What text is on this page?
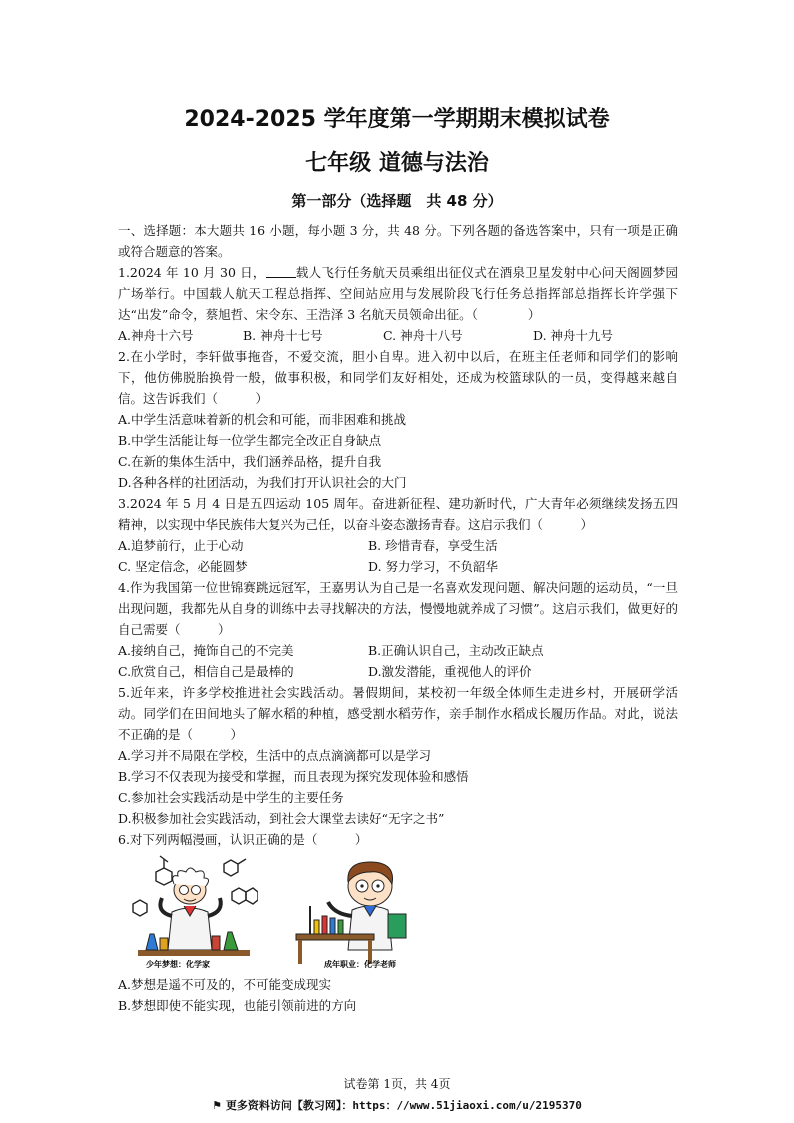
2024-2025 学年度第一学期期末模拟试卷
七年级 道德与法治
第一部分（选择题　共 48 分）

一、选择题：本大题共 16 小题，每小题 3 分，共 48 分。下列各题的备选答案中，只有一项是正确或符合题意的答案。

1.2024 年 10 月 30 日， 载人飞行任务航天员乘组出征仪式在酒泉卫星发射中心问天阁圆梦园广场举行。中国载人航天工程总指挥、空间站应用与发展阶段飞行任务总指挥部总指挥长许学强下达“出发”命令，蔡旭哲、宋令东、王浩泽 3 名航天员领命出征。（　　　　）

A.神舟十六号	B. 神舟十七号	C. 神舟十八号	D. 神舟十九号

2.在小学时，李轩做事拖沓，不爱交流，胆小自卑。进入初中以后，在班主任老师和同学们的影响下，他仿佛脱胎换骨一般，做事积极，和同学们友好相处，还成为校篮球队的一员，变得越来越自信。这告诉我们（　　　）

A.中学生活意味着新的机会和可能，而非困难和挑战
B.中学生活能让每一位学生都完全改正自身缺点
C.在新的集体生活中，我们涵养品格，提升自我
D.各种各样的社团活动，为我们打开认识社会的大门

3.2024 年 5 月 4 日是五四运动 105 周年。奋进新征程、建功新时代，广大青年必须继续发扬五四精神，以实现中华民族伟大复兴为己任，以奋斗姿态激扬青春。这启示我们（　　　）

A.追梦前行，止于心动	B. 珍惜青春，享受生活
C. 坚定信念，必能圆梦	D. 努力学习，不负韶华

4.作为我国第一位世锦赛跳远冠军，王嘉男认为自己是一名喜欢发现问题、解决问题的运动员，“一旦出现问题，我都先从自身的训练中去寻找解决的方法，慢慢地就养成了习惯”。这启示我们，做更好的自己需要（　　　）

A.接纳自己，掩饰自己的不完美	B.正确认识自己，主动改正缺点
C.欣赏自己，相信自己是最棒的	D.激发潜能，重视他人的评价

5.近年来，许多学校推进社会实践活动。暑假期间，某校初一年级全体师生走进乡村，开展研学活动。同学们在田间地头了解水稻的种植，感受割水稻劳作，亲手制作水稻成长履历作品。对此，说法不正确的是（　　　）

A.学习并不局限在学校，生活中的点点滴滴都可以是学习
B.学习不仅表现为接受和掌握，而且表现为探究发现体验和感悟
C.参加社会实践活动是中学生的主要任务
D.积极参加社会实践活动，到社会大课堂去读好“无字之书”

6.对下列两幅漫画，认识正确的是（　　　）

少年梦想：化学家	成年职业：化学老师
A.梦想是遥不可及的，不可能变成现实
B.梦想即使不能实现，也能引领前进的方向
试卷第 1页，共 4页
⚑ 更多资料访问【教习网】：https：//www.51jiaoxi.com/u/2195370
